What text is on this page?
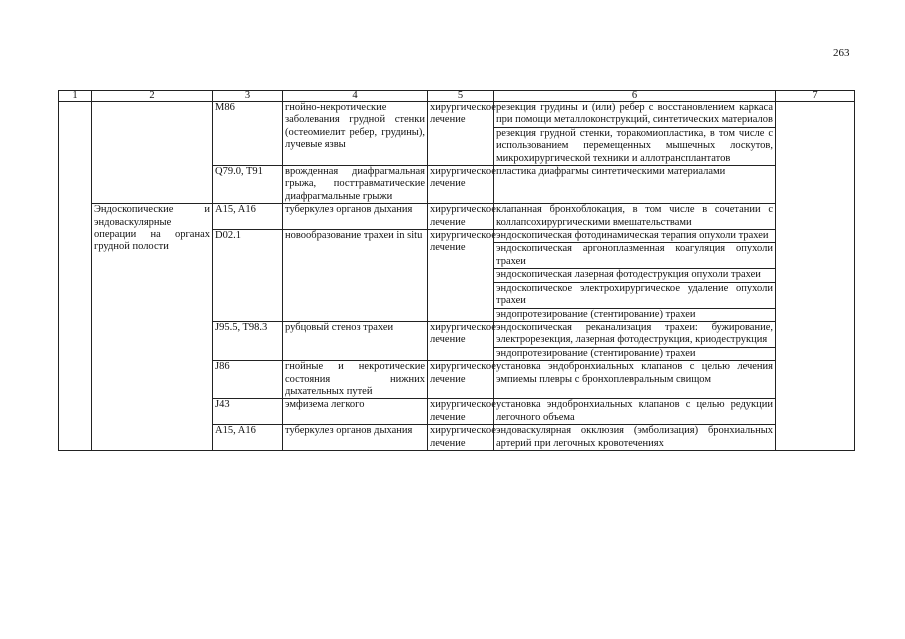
263
1	2	3	4	5	6	7
		M86	гнойно-некротические заболевания грудной стенки (остеомиелит ребер, грудины), лучевые язвы	хирургическое лечение	резекция грудины и (или) ребер с восстановлением каркаса при помощи металлоконструкций, синтетических материалов	
					резекция грудной стенки, торакомиопластика, в том числе с использованием перемещенных мышечных лоскутов, микрохирургической техники и аллотрансплантатов	
		Q79.0, T91	врожденная диафрагмальная грыжа, посттравматические диафрагмальные грыжи	хирургическое лечение	пластика диафрагмы синтетическими материалами	
	Эндоскопические и эндоваскулярные операции на органах грудной полости	A15, A16	туберкулез органов дыхания	хирургическое лечение	клапанная бронхоблокация, в том числе в сочетании с коллапсохирургическими вмешательствами	
		D02.1	новообразование трахеи in situ	хирургическое лечение	эндоскопическая фотодинамическая терапия опухоли трахеи	
					эндоскопическая аргоноплазменная коагуляция опухоли трахеи	
					эндоскопическая лазерная фотодеструкция опухоли трахеи	
					эндоскопическое электрохирургическое удаление опухоли трахеи	
					эндопротезирование (стентирование) трахеи	
		J95.5, T98.3	рубцовый стеноз трахеи	хирургическое лечение	эндоскопическая реканализация трахеи: бужирование, электрорезекция, лазерная фотодеструкция, криодеструкция	
					эндопротезирование (стентирование) трахеи	
		J86	гнойные и некротические состояния нижних дыхательных путей	хирургическое лечение	установка эндобронхиальных клапанов с целью лечения эмпиемы плевры с бронхоплевральным свищом	
		J43	эмфизема легкого	хирургическое лечение	установка эндобронхиальных клапанов с целью редукции легочного объема	
		A15, A16	туберкулез органов дыхания	хирургическое лечение	эндоваскулярная окклюзия (эмболизация) бронхиальных артерий при легочных кровотечениях	
